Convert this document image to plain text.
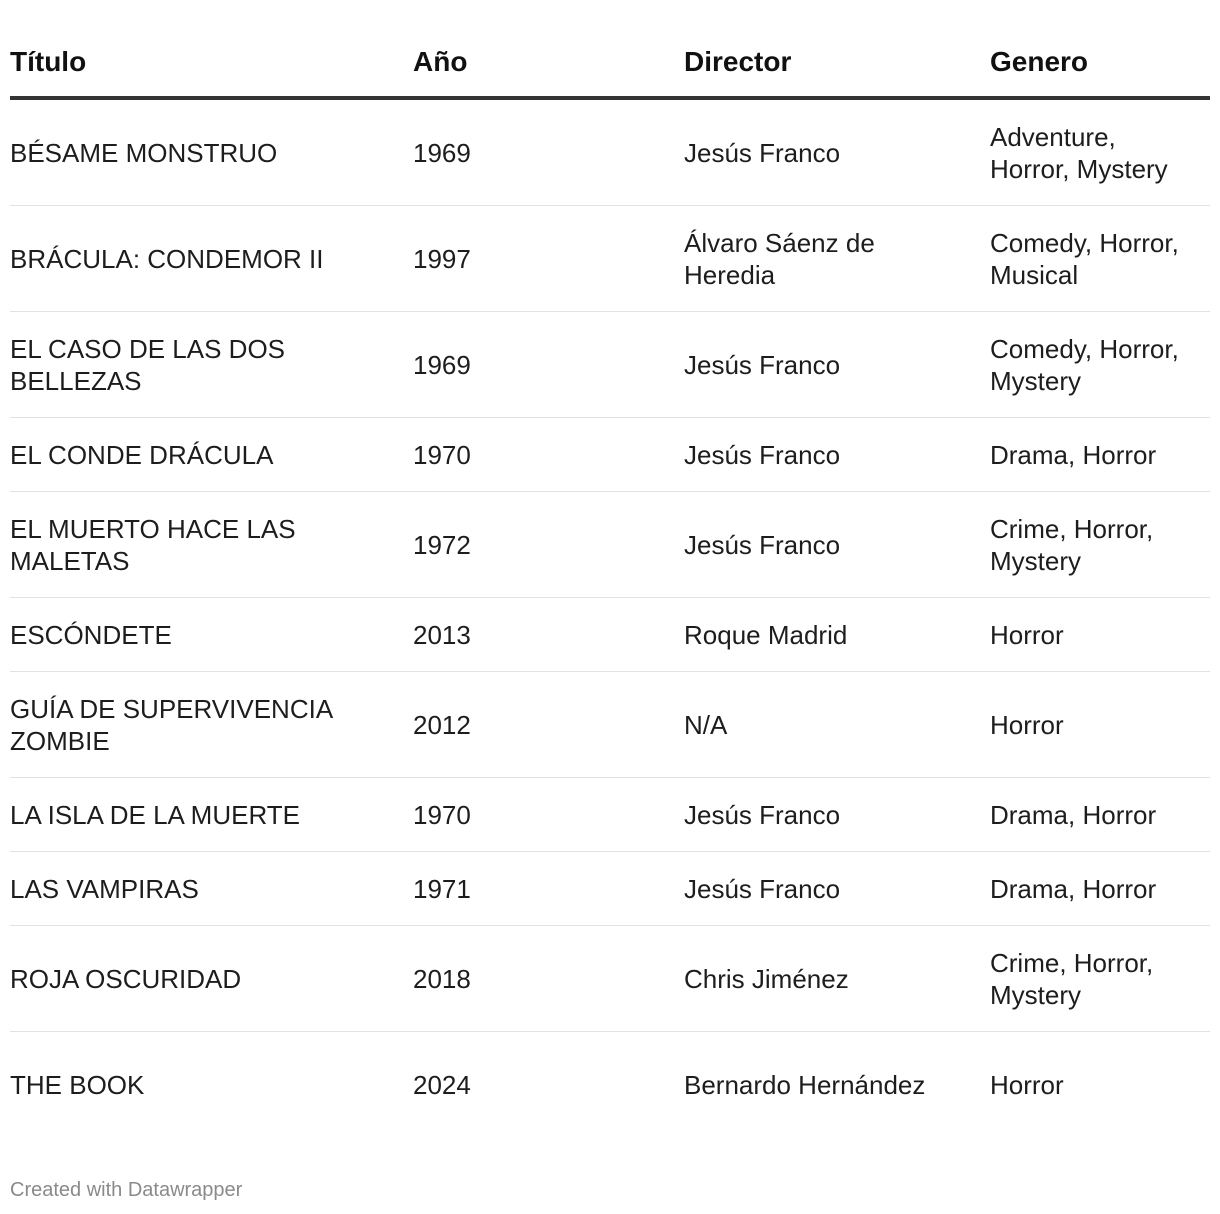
Título	Año	Director	Genero

BÉSAME MONSTRUO	1969	Jesús Franco	Adventure, Horror, Mystery

BRÁCULA: CONDEMOR II	1997	Álvaro Sáenz de Heredia	Comedy, Horror, Musical

EL CASO DE LAS DOS BELLEZAS	1969	Jesús Franco	Comedy, Horror, Mystery

EL CONDE DRÁCULA	1970	Jesús Franco	Drama, Horror

EL MUERTO HACE LAS MALETAS	1972	Jesús Franco	Crime, Horror, Mystery

ESCÓNDETE	2013	Roque Madrid	Horror

GUÍA DE SUPERVIVENCIA ZOMBIE	2012	N/A	Horror

LA ISLA DE LA MUERTE	1970	Jesús Franco	Drama, Horror

LAS VAMPIRAS	1971	Jesús Franco	Drama, Horror

ROJA OSCURIDAD	2018	Chris Jiménez	Crime, Horror, Mystery

THE BOOK	2024	Bernardo Hernández	Horror
Created with Datawrapper
